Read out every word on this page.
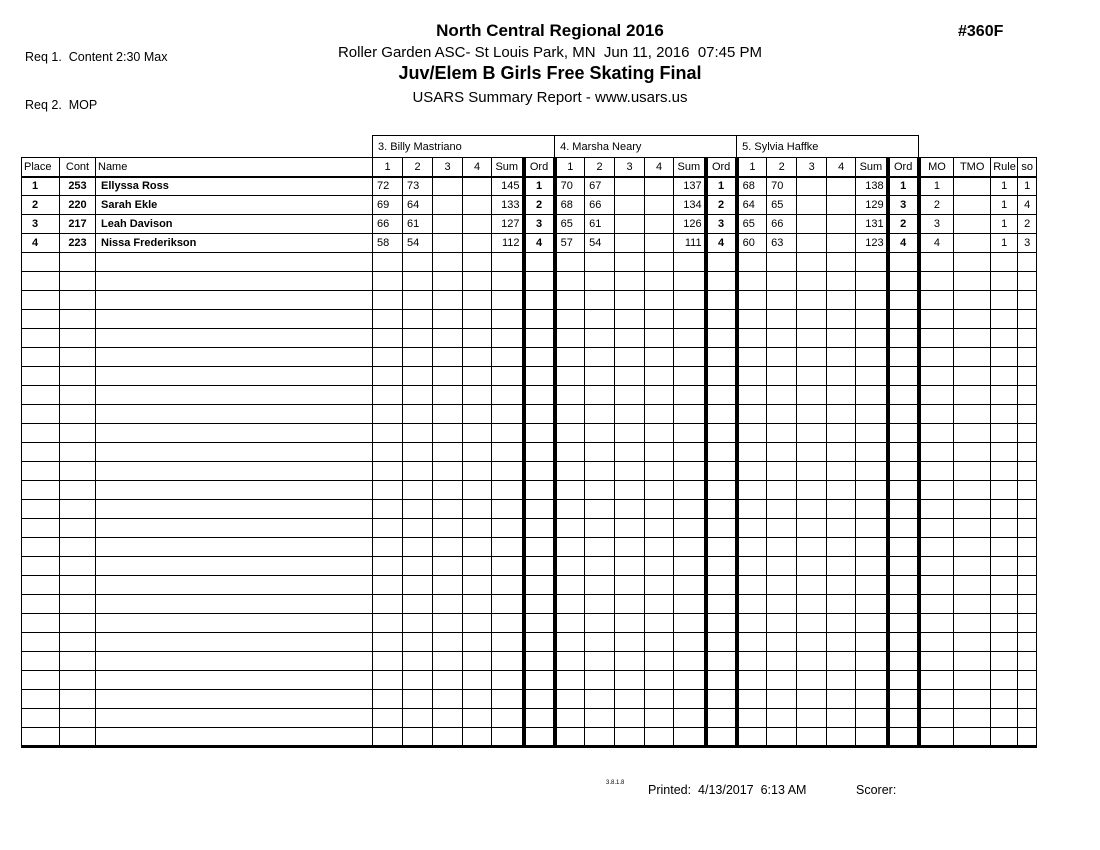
Req 1.  Content 2:30 Max

Req 2.  MOP

North Central Regional 2016
Roller Garden ASC- St Louis Park, MN  Jun 11, 2016  07:45 PM
Juv/Elem B Girls Free Skating Final
USARS Summary Report - www.usars.us
#360F
			3. Billy Mastriano						4. Marsha Neary						5. Sylvia Haffke									
Place	Cont	Name	1	2	3	4	Sum	Ord	1	2	3	4	Sum	Ord	1	2	3	4	Sum	Ord	MO	TMO	Rule	so
1	253	Ellyssa Ross	72	73			145	1	70	67			137	1	68	70			138	1	1		1	1
2	220	Sarah Ekle	69	64			133	2	68	66			134	2	64	65			129	3	2		1	4
3	217	Leah Davison	66	61			127	3	65	61			126	3	65	66			131	2	3		1	2
4	223	Nissa Frederikson	58	54			112	4	57	54			111	4	60	63			123	4	4		1	3

3.8.1.8 Printed:  4/13/2017  6:13 AM	Scorer:
